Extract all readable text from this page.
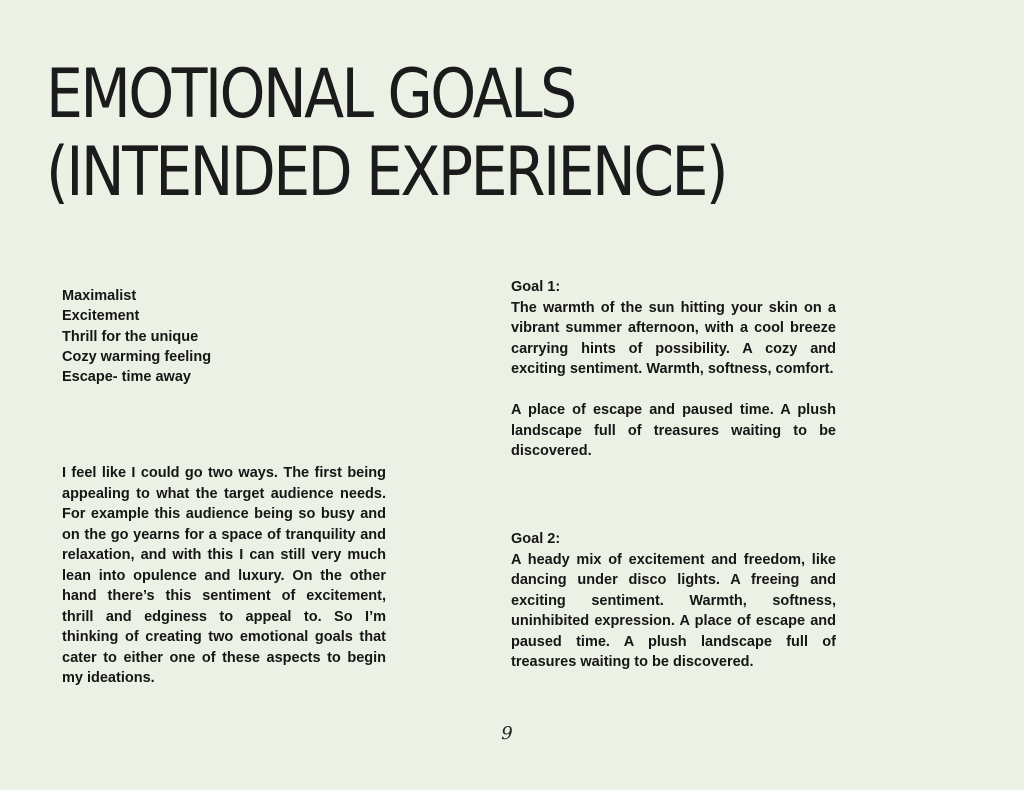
EMOTIONAL GOALS
(INTENDED EXPERIENCE)
Maximalist
Excitement
Thrill for the unique
Cozy warming feeling
Escape- time away

I feel like I could go two ways. The first being appealing to what the target audience needs. For example this audience being so busy and on the go yearns for a space of tranquility and relaxation, and with this I can still very much lean into opulence and luxury. On the other hand there’s this sentiment of excitement, thrill and edginess to appeal to. So I’m thinking of creating two emotional goals that cater to either one of these aspects to begin my ideations.

Goal 1:

The warmth of the sun hitting your skin on a vibrant summer afternoon, with a cool breeze carrying hints of possibility. A cozy and exciting sentiment. Warmth, softness, comfort.

A place of escape and paused time. A plush landscape full of treasures waiting to be discovered.

Goal 2:

A heady mix of excitement and freedom, like dancing under disco lights. A freeing and exciting sentiment. Warmth, softness, uninhibited expression. A place of escape and paused time. A plush landscape full of treasures waiting to be discovered.

9
